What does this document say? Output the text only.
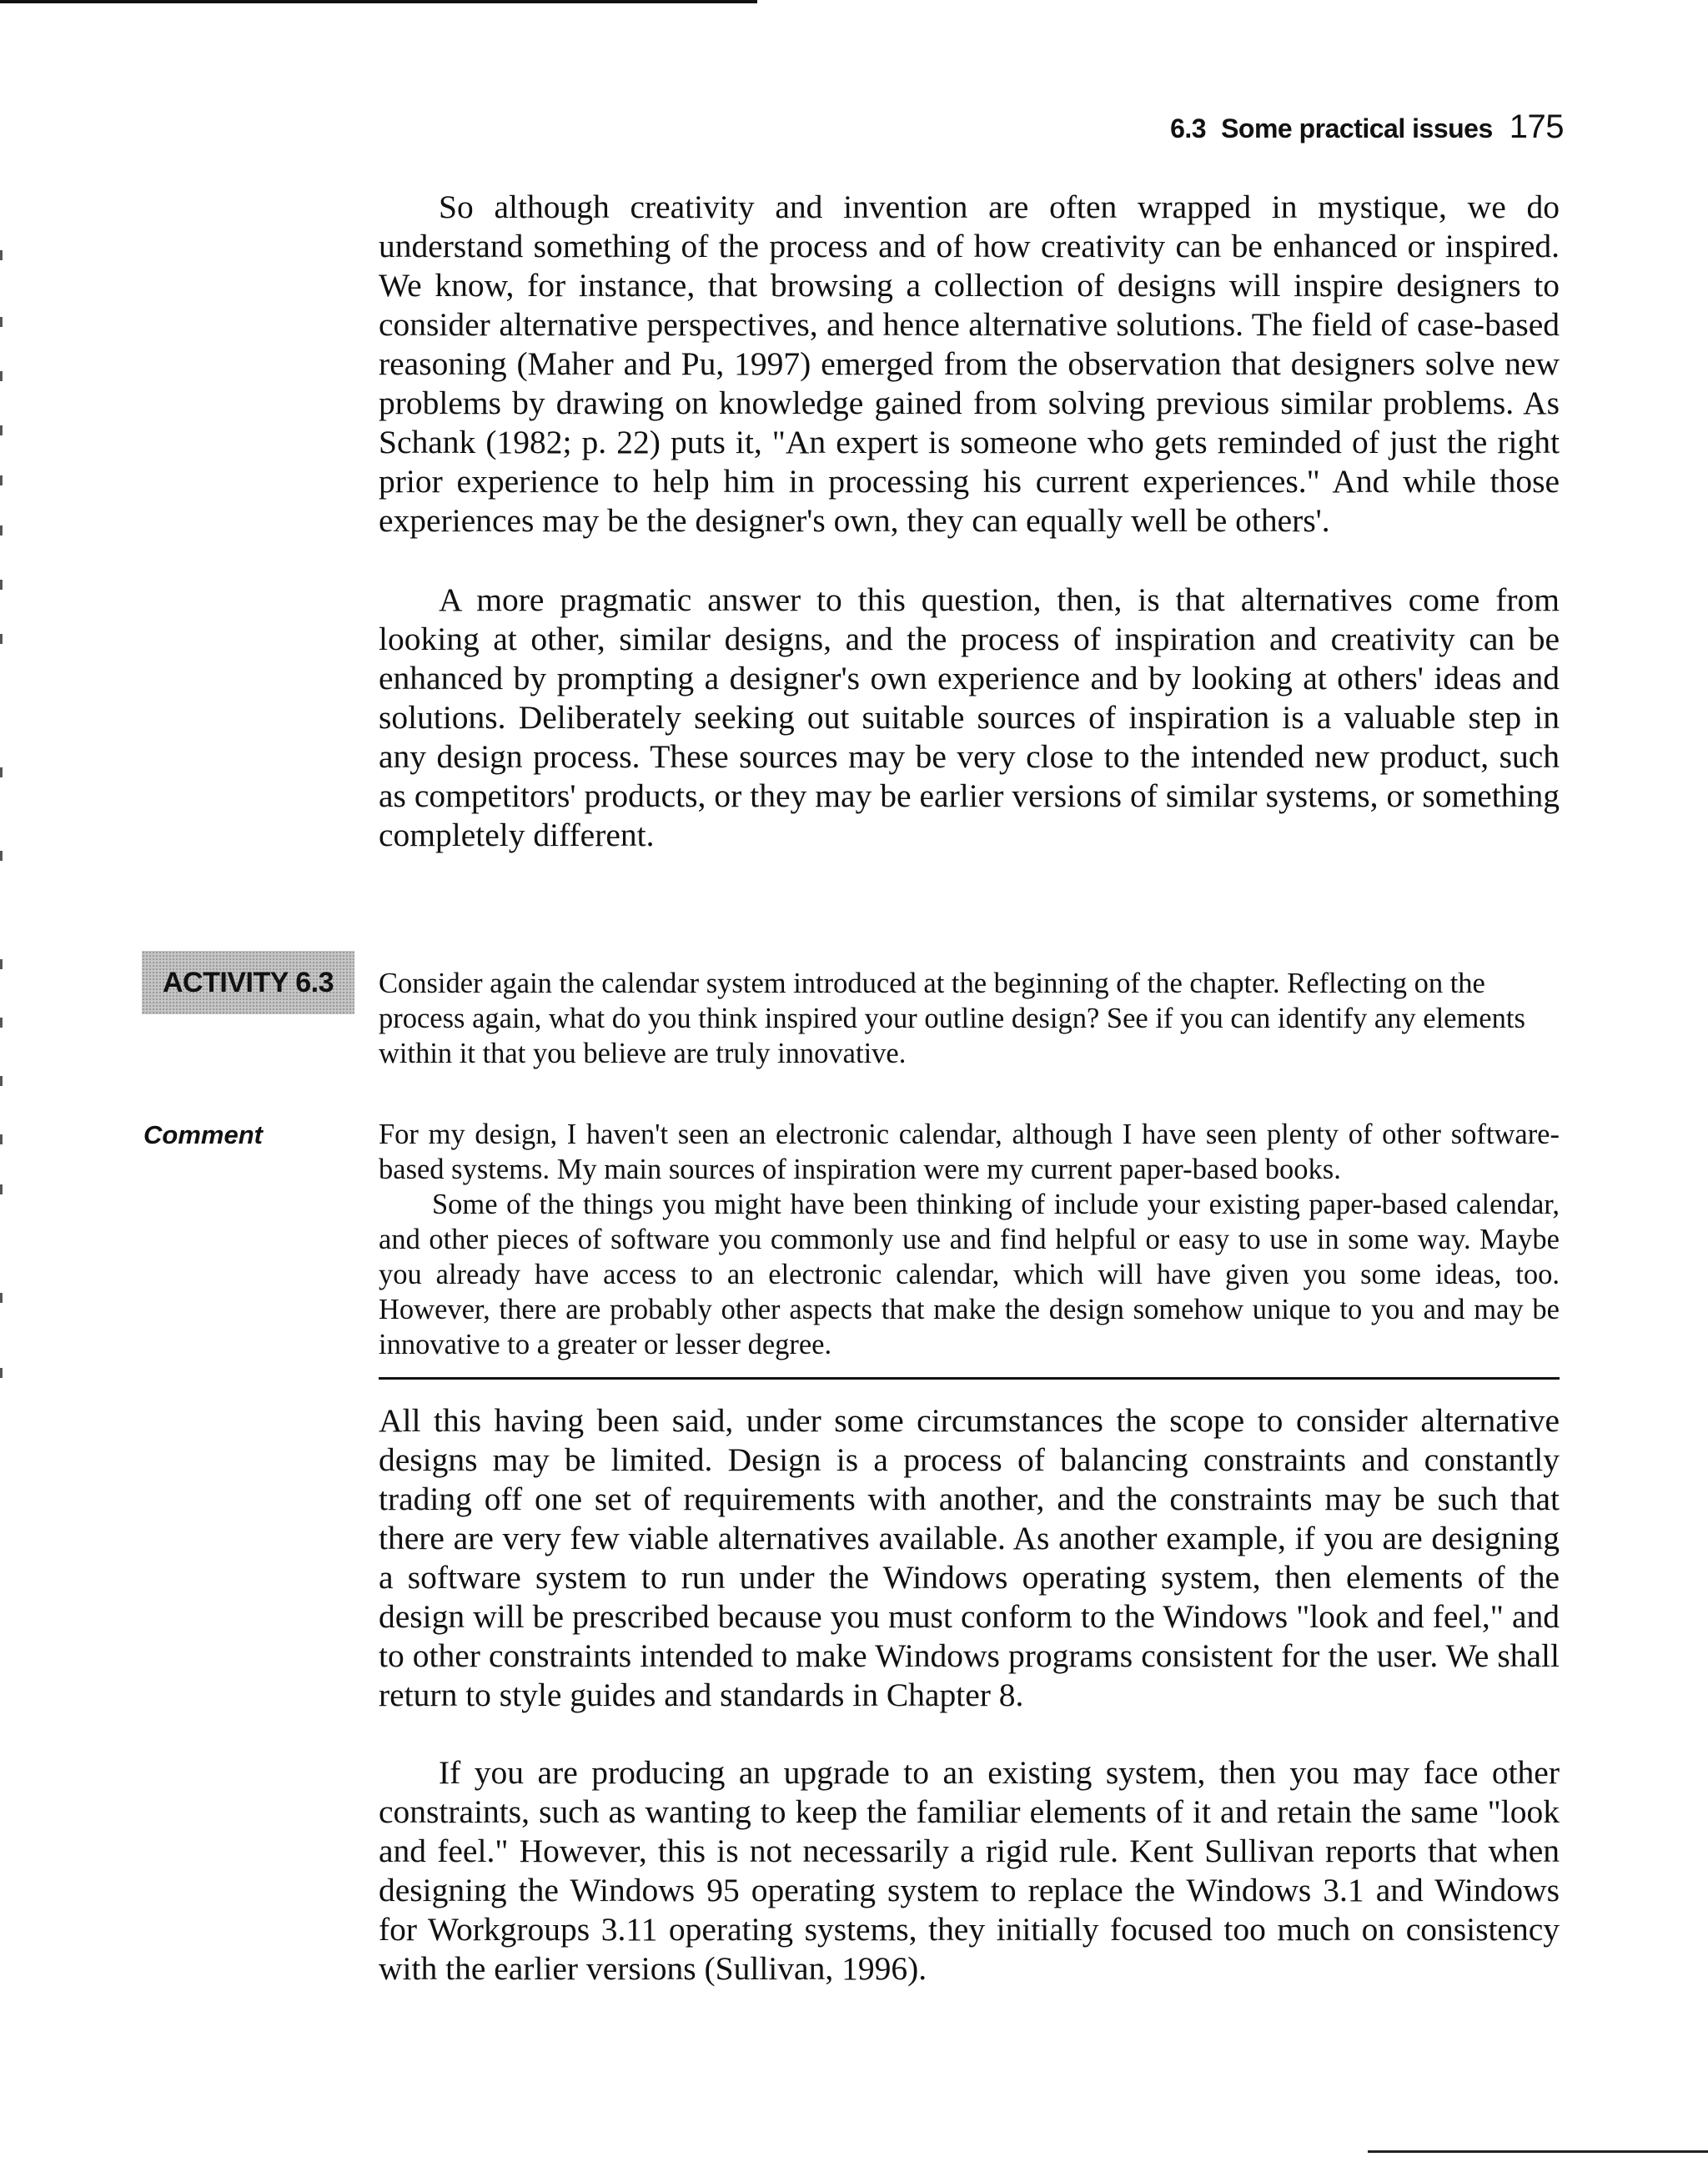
6.3 Some practical issues 175

So although creativity and invention are often wrapped in mystique, we do understand something of the process and of how creativity can be enhanced or inspired. We know, for instance, that browsing a collection of designs will inspire designers to consider alternative perspectives, and hence alternative solutions. The field of case-based reasoning (Maher and Pu, 1997) emerged from the observation that designers solve new problems by drawing on knowledge gained from solving previous similar problems. As Schank (1982; p. 22) puts it, "An expert is someone who gets reminded of just the right prior experience to help him in processing his current experiences." And while those experiences may be the designer's own, they can equally well be others'.

A more pragmatic answer to this question, then, is that alternatives come from looking at other, similar designs, and the process of inspiration and creativity can be enhanced by prompting a designer's own experience and by looking at others' ideas and solutions. Deliberately seeking out suitable sources of inspiration is a valuable step in any design process. These sources may be very close to the intended new product, such as competitors' products, or they may be earlier versions of similar systems, or something completely different.

ACTIVITY 6.3 Consider again the calendar system introduced at the beginning of the chapter. Reflecting on the process again, what do you think inspired your outline design? See if you can identify any elements within it that you believe are truly innovative.

Comment	For my design, I haven't seen an electronic calendar, although I have seen plenty of other software-based systems. My main sources of inspiration were my current paper-based books.

Some of the things you might have been thinking of include your existing paper-based calendar, and other pieces of software you commonly use and find helpful or easy to use in some way. Maybe you already have access to an electronic calendar, which will have given you some ideas, too. However, there are probably other aspects that make the design somehow unique to you and may be innovative to a greater or lesser degree.

All this having been said, under some circumstances the scope to consider alternative designs may be limited. Design is a process of balancing constraints and constantly trading off one set of requirements with another, and the constraints may be such that there are very few viable alternatives available. As another example, if you are designing a software system to run under the Windows operating system, then elements of the design will be prescribed because you must conform to the Windows "look and feel," and to other constraints intended to make Windows programs consistent for the user. We shall return to style guides and standards in Chapter 8.

If you are producing an upgrade to an existing system, then you may face other constraints, such as wanting to keep the familiar elements of it and retain the same "look and feel." However, this is not necessarily a rigid rule. Kent Sullivan reports that when designing the Windows 95 operating system to replace the Windows 3.1 and Windows for Workgroups 3.11 operating systems, they initially focused too much on consistency with the earlier versions (Sullivan, 1996).
